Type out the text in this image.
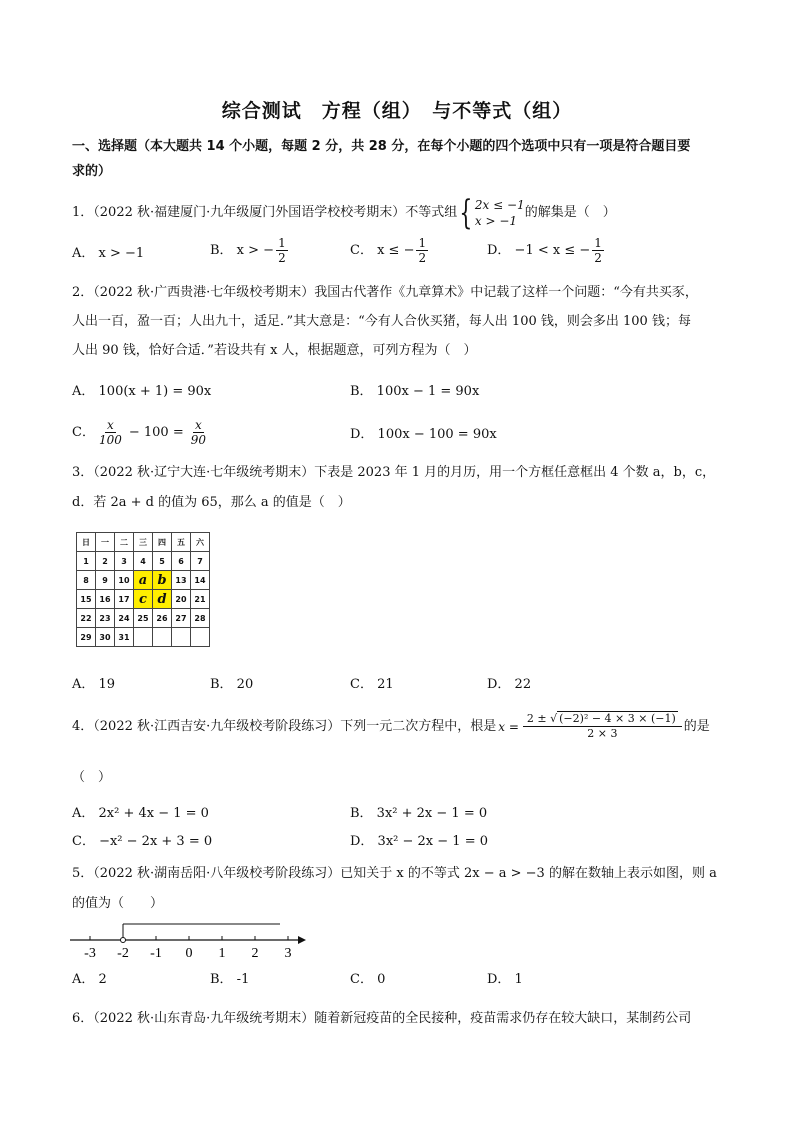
综合测试　方程（组）　与不等式（组）
一、选择题（本大题共 14 个小题，每题 2 分，共 28 分，在每个小题的四个选项中只有一项是符合题目要
求的）
1．（2022 秋·福建厦门·九年级厦门外国语学校校考期末）不等式组 { 2x ≤ −1
x > −1
的解集是（　）
A． x > −1	B． x > − $\frac{1}{2}$	C． x ≤ − $\frac{1}{2}$	D． −1 < x ≤ − $\frac{1}{2}$
2．（2022 秋·广西贵港·七年级校考期末）我国古代著作《九章算术》中记载了这样一个问题：“今有共买豕，
人出一百，盈一百；人出九十，适足．”其大意是：“今有人合伙买猪，每人出 100 钱，则会多出 100 钱；每
人出 90 钱，恰好合适．”若设共有 x 人，根据题意，可列方程为（　）
A． 100(x + 1) = 90x	B． 100x − 1 = 90x
C． $\frac{x}{100} - 100 = \frac{x}{90}$	D． 100x − 100 = 90x
3．（2022 秋·辽宁大连·七年级统考期末）下表是 2023 年 1 月的月历，用一个方框任意框出 4 个数 a，b，c，
d．若 2a + d 的值为 65，那么 a 的值是（　）
日	一	二	三	四	五	六
1	2	3	4	5	6	7
8	9	10	a	b	13	14
15	16	17	c	d	20	21
22	23	24	25	26	27	28
29	30	31				
A． 19	B． 20	C． 21	D． 22
4．（2022 秋·江西吉安·九年级校考阶段练习）下列一元二次方程中，根是 $x = \frac{\text{2 ± √ (−2)² − 4 × 3 × (−1)}}{2 \times 3}$ 的是
（　）
A． 2x² + 4x − 1 = 0	B． 3x² + 2x − 1 = 0
C． −x² − 2x + 3 = 0	D． 3x² − 2x − 1 = 0
5．（2022 秋·湖南岳阳·八年级校考阶段练习）已知关于 x 的不等式 2x − a > −3 的解在数轴上表示如图，则 a
的值为（　　）
-3 -2 -1 0 1 2 3
A． 2	B． -1	C． 0	D． 1
6．（2022 秋·山东青岛·九年级统考期末）随着新冠疫苗的全民接种，疫苗需求仍存在较大缺口，某制药公司
